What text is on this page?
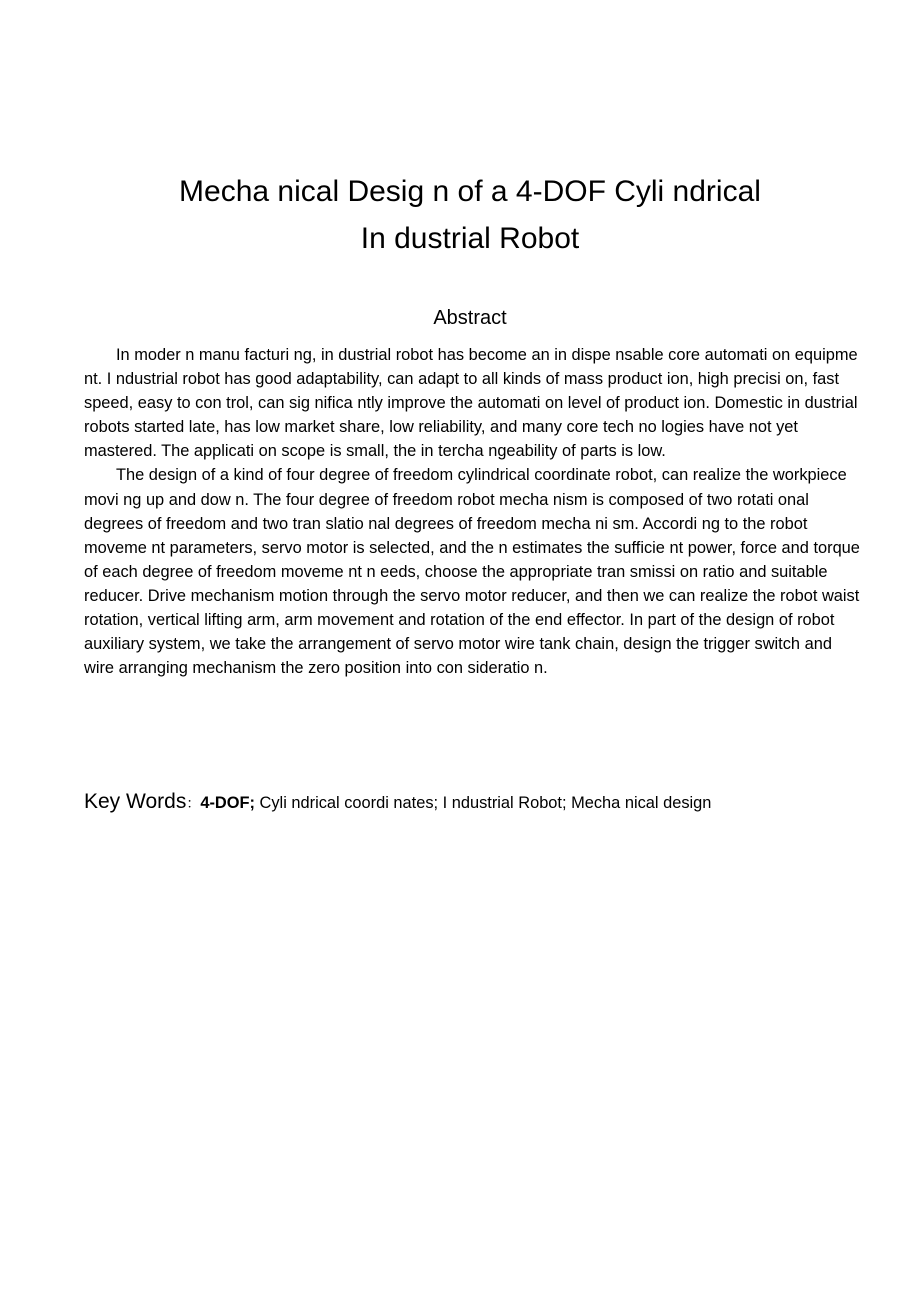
Mecha nical Desig n of a 4-DOF Cyli ndrical
In dustrial Robot
Abstract

In moder n manu facturi ng, in dustrial robot has become an in dispe nsable core automati on equipme nt. I ndustrial robot has good adaptability, can adapt to all kinds of mass product ion, high precisi on, fast speed, easy to con trol, can sig nifica ntly improve the automati on level of product ion. Domestic in dustrial robots started late, has low market share, low reliability, and many core tech no logies have not yet mastered. The applicati on scope is small, the in tercha ngeability of parts is low.

The design of a kind of four degree of freedom cylindrical coordinate robot, can realize the workpiece movi ng up and dow n. The four degree of freedom robot mecha nism is composed of two rotati onal degrees of freedom and two tran slatio nal degrees of freedom mecha ni sm. Accordi ng to the robot moveme nt parameters, servo motor is selected, and the n estimates the sufficie nt power, force and torque of each degree of freedom moveme nt n eeds, choose the appropriate tran smissi on ratio and suitable reducer. Drive mechanism motion through the servo motor reducer, and then we can realize the robot waist rotation, vertical lifting arm, arm movement and rotation of the end effector. In part of the design of robot auxiliary system, we take the arrangement of servo motor wire tank chain, design the trigger switch and wire arranging mechanism the zero position into con sideratio n.

Key Words：4-DOF; Cyli ndrical coordi nates; I ndustrial Robot; Mecha nical design
